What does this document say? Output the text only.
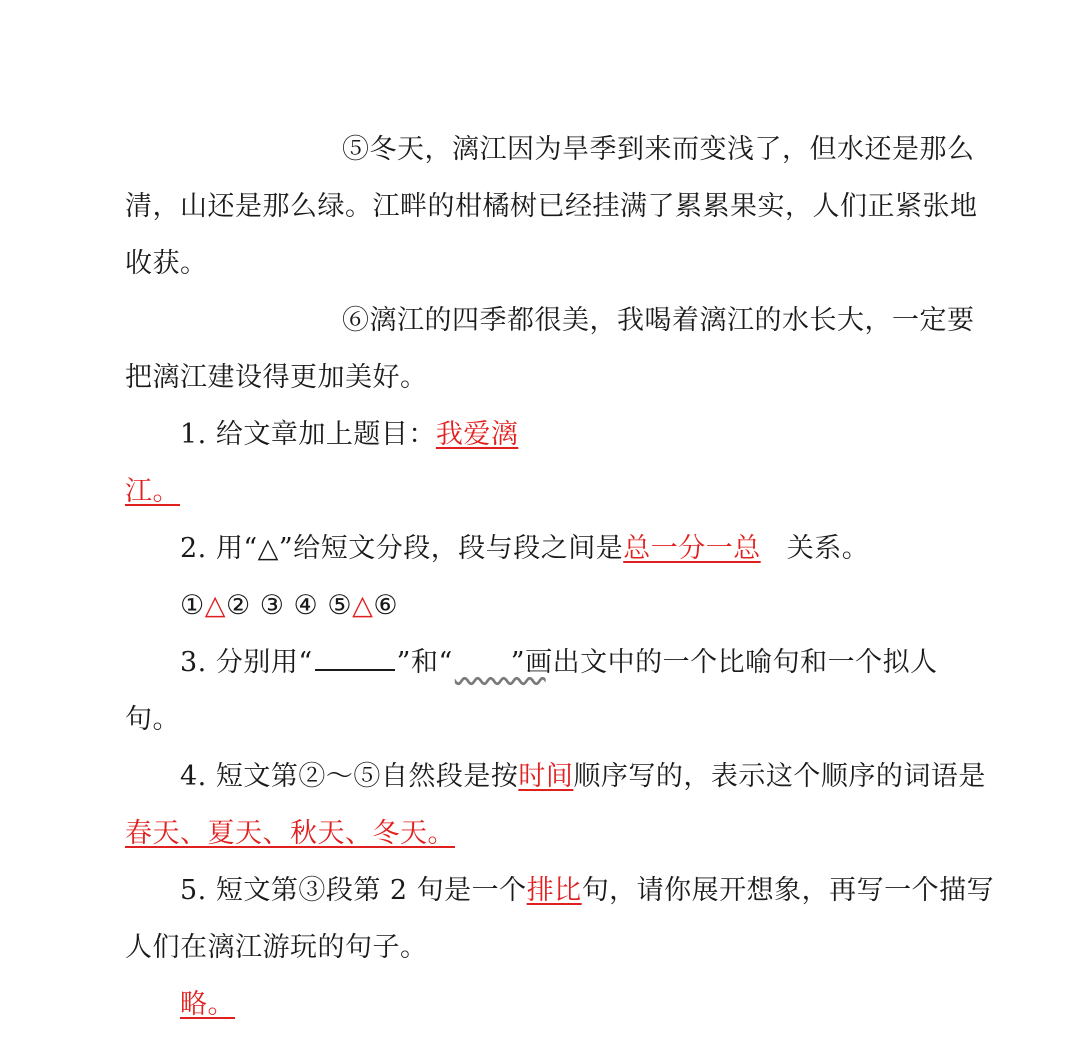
⑤冬天，漓江因为旱季到来而变浅了，但水还是那么
清，山还是那么绿。江畔的柑橘树已经挂满了累累果实，人们正紧张地
收获。
⑥漓江的四季都很美，我喝着漓江的水长大，一定要
把漓江建设得更加美好。
1. 给文章加上题目：我爱漓
江。
2. 用“△”给短文分段，段与段之间是总一分一总 关系。
①△② ③ ④ ⑤△⑥
3. 分别用“	”和“ ”画出文中的一个比喻句和一个拟人
句。
4. 短文第②～⑤自然段是按时间顺序写的，表示这个顺序的词语是
春天、夏天、秋天、冬天。
5. 短文第③段第 2 句是一个排比句，请你展开想象，再写一个描写
人们在漓江游玩的句子。
略。
